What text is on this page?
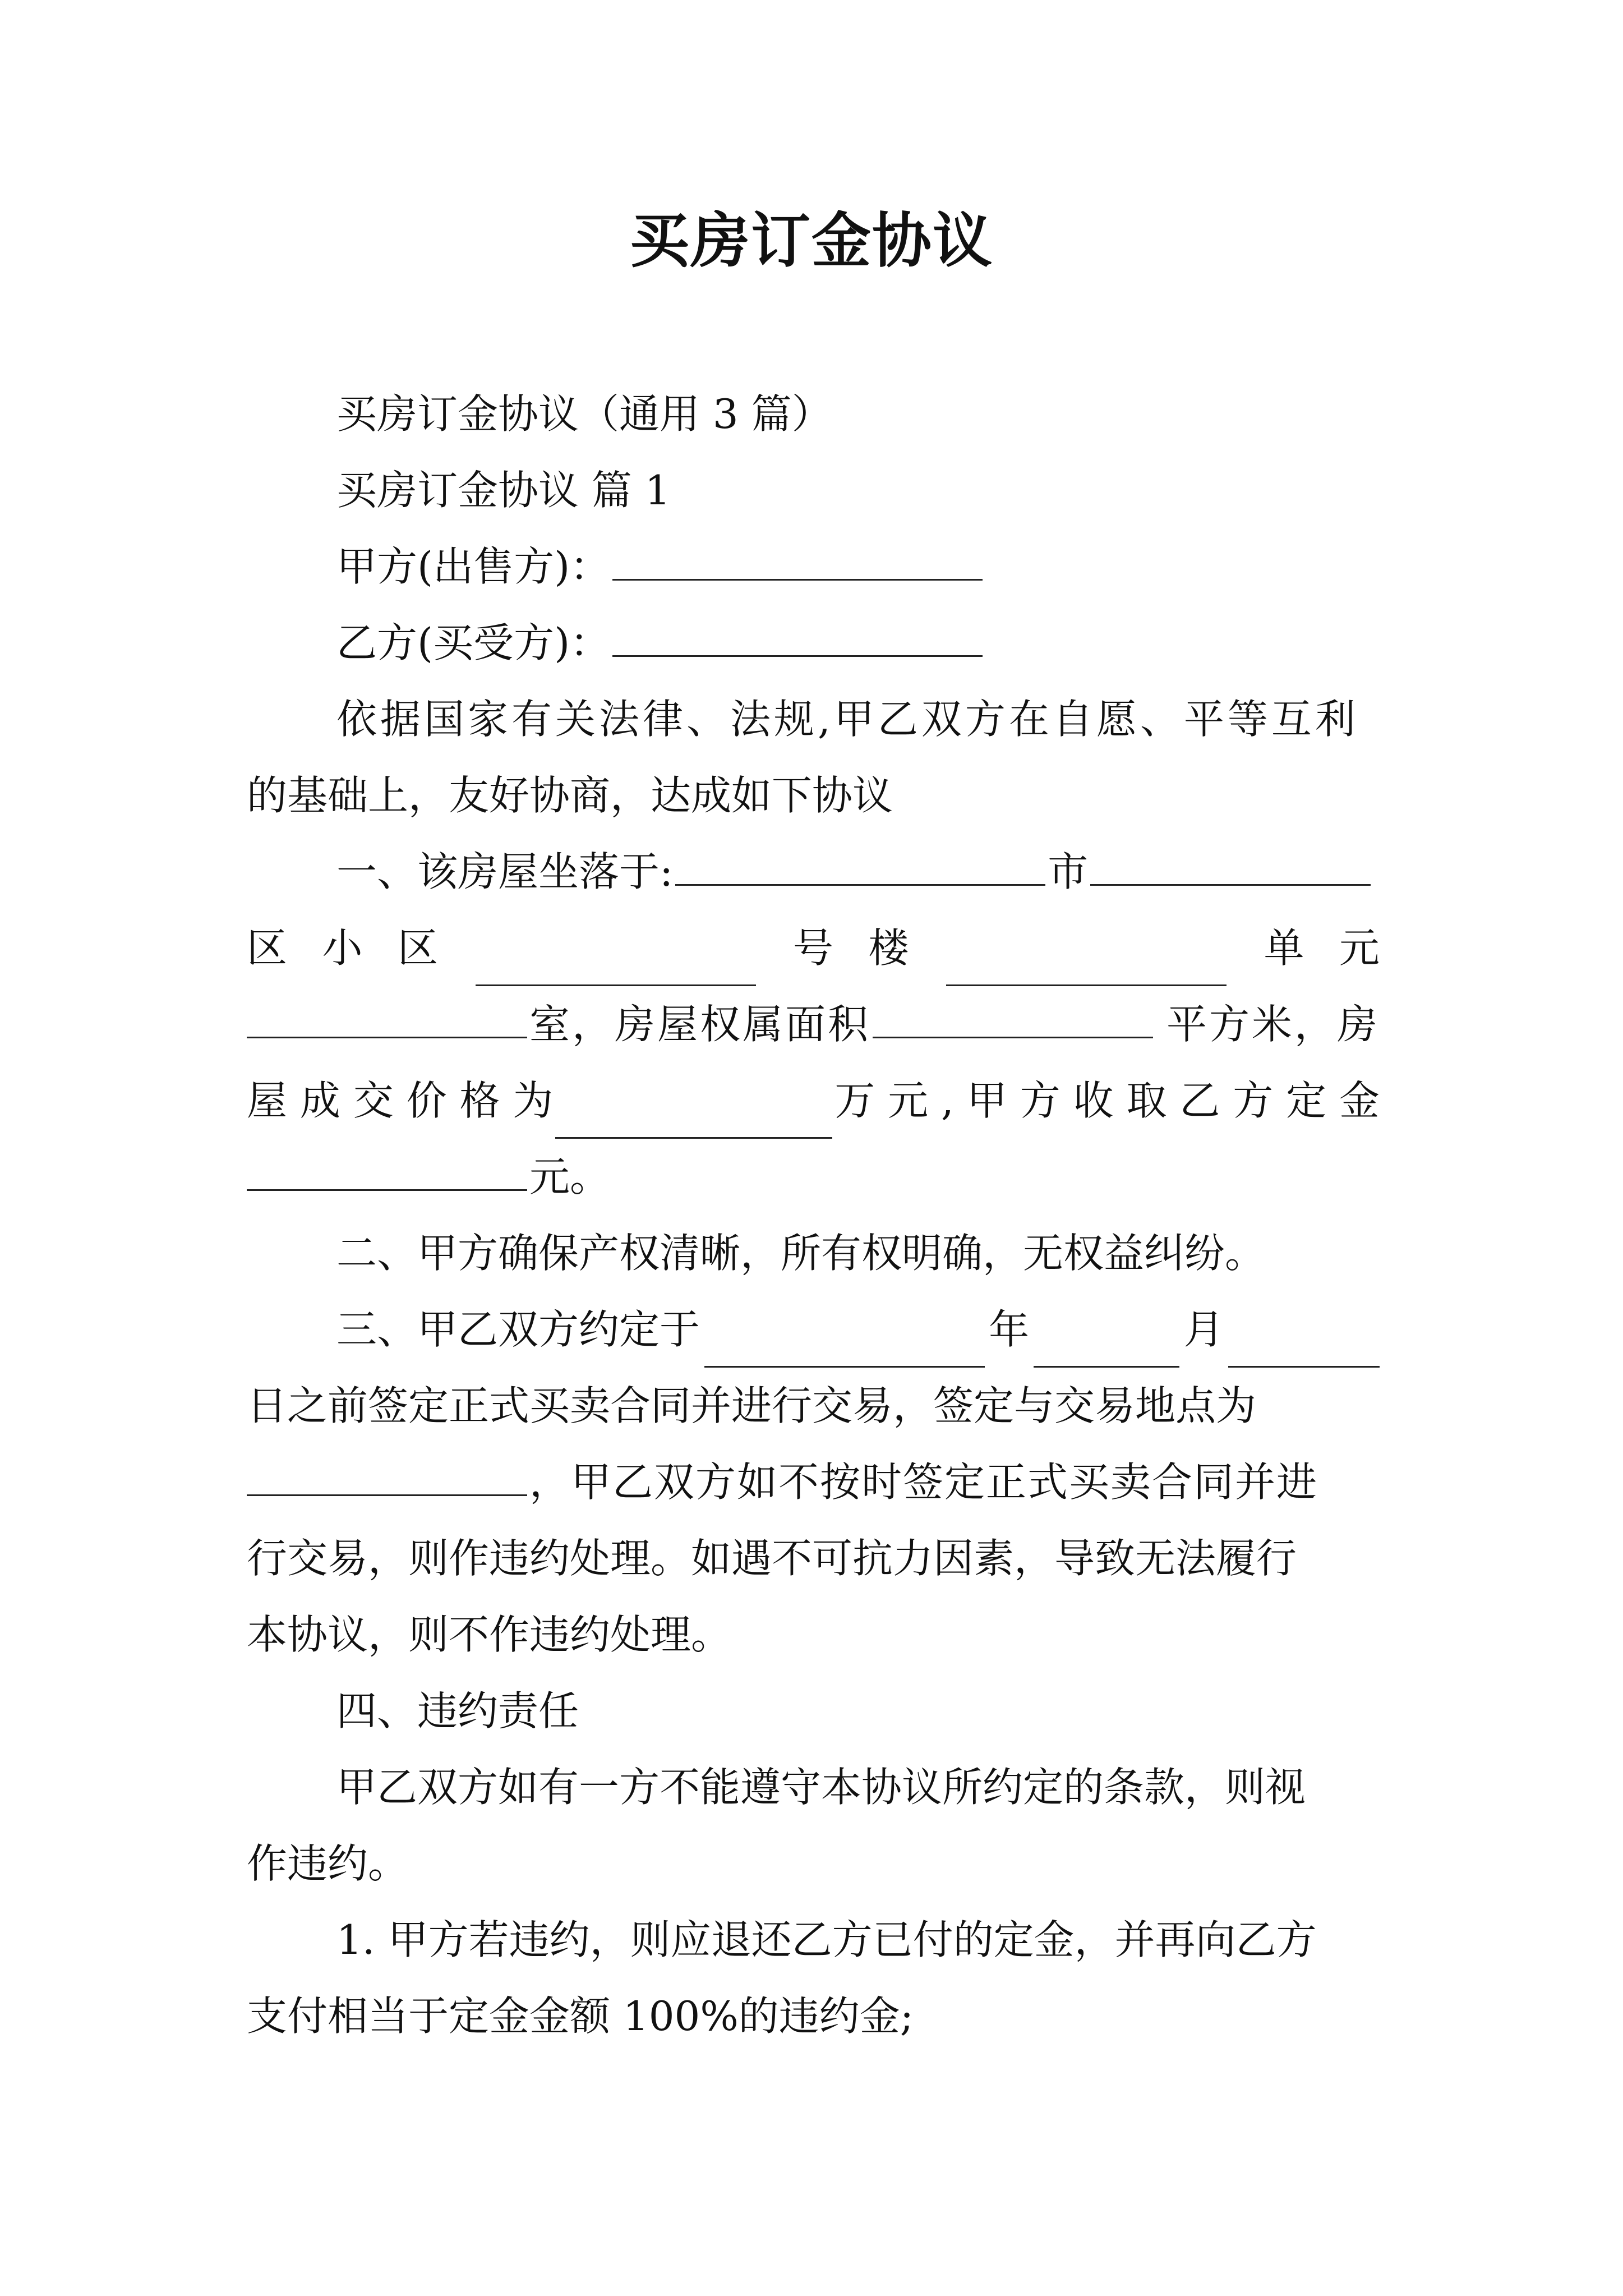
买房订金协议
买房订金协议（通用 3 篇）
买房订金协议 篇 1
甲方(出售方)：
乙方(买受方)：
依据国家有关法律、法规,甲乙双方在自愿、平等互利
的基础上，友好协商，达成如下协议
一、该房屋坐落于:	市
区 小 区	号 楼	单 元
室，房屋权属面积	平方米，房
屋 成 交 价 格 为	万 元 , 甲 方 收 取 乙 方 定 金
元。
二、甲方确保产权清晰，所有权明确，无权益纠纷。
三、甲乙双方约定于	年	月
日之前签定正式买卖合同并进行交易，签定与交易地点为
，甲乙双方如不按时签定正式买卖合同并进
行交易，则作违约处理。如遇不可抗力因素，导致无法履行
本协议，则不作违约处理。
四、违约责任
甲乙双方如有一方不能遵守本协议所约定的条款，则视
作违约。
1. 甲方若违约，则应退还乙方已付的定金，并再向乙方
支付相当于定金金额 100%的违约金;
